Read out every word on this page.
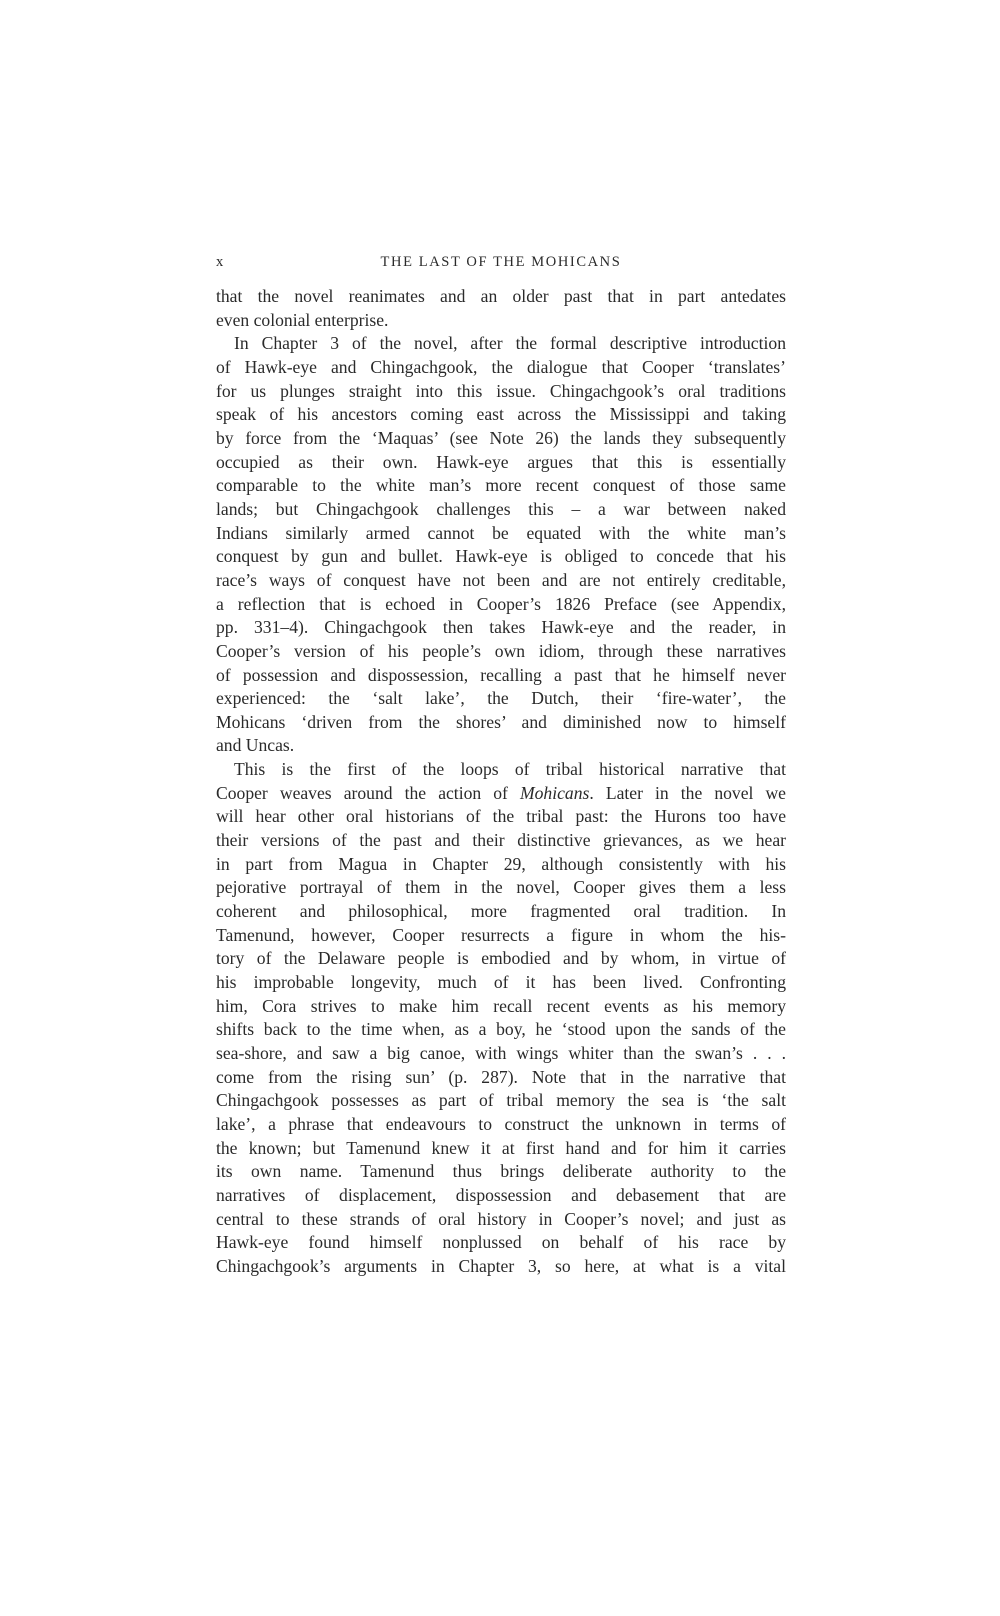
x	THE LAST OF THE MOHICANS
that the novel reanimates and an older past that in part antedates
even colonial enterprise.
In Chapter 3 of the novel, after the formal descriptive introduction
of Hawk-eye and Chingachgook, the dialogue that Cooper ‘translates’
for us plunges straight into this issue. Chingachgook’s oral traditions
speak of his ancestors coming east across the Mississippi and taking
by force from the ‘Maquas’ (see Note 26) the lands they subsequently
occupied as their own. Hawk-eye argues that this is essentially
comparable to the white man’s more recent conquest of those same
lands; but Chingachgook challenges this – a war between naked
Indians similarly armed cannot be equated with the white man’s
conquest by gun and bullet. Hawk-eye is obliged to concede that his
race’s ways of conquest have not been and are not entirely creditable,
a reflection that is echoed in Cooper’s 1826 Preface (see Appendix,
pp. 331–4). Chingachgook then takes Hawk-eye and the reader, in
Cooper’s version of his people’s own idiom, through these narratives
of possession and dispossession, recalling a past that he himself never
experienced: the ‘salt lake’, the Dutch, their ‘fire-water’, the
Mohicans ‘driven from the shores’ and diminished now to himself
and Uncas.
This is the first of the loops of tribal historical narrative that
Cooper weaves around the action of Mohicans. Later in the novel we
will hear other oral historians of the tribal past: the Hurons too have
their versions of the past and their distinctive grievances, as we hear
in part from Magua in Chapter 29, although consistently with his
pejorative portrayal of them in the novel, Cooper gives them a less
coherent and philosophical, more fragmented oral tradition. In
Tamenund, however, Cooper resurrects a figure in whom the his-
tory of the Delaware people is embodied and by whom, in virtue of
his improbable longevity, much of it has been lived. Confronting
him, Cora strives to make him recall recent events as his memory
shifts back to the time when, as a boy, he ‘stood upon the sands of the
sea-shore, and saw a big canoe, with wings whiter than the swan’s . . .
come from the rising sun’ (p. 287). Note that in the narrative that
Chingachgook possesses as part of tribal memory the sea is ‘the salt
lake’, a phrase that endeavours to construct the unknown in terms of
the known; but Tamenund knew it at first hand and for him it carries
its own name. Tamenund thus brings deliberate authority to the
narratives of displacement, dispossession and debasement that are
central to these strands of oral history in Cooper’s novel; and just as
Hawk-eye found himself nonplussed on behalf of his race by
Chingachgook’s arguments in Chapter 3, so here, at what is a vital
